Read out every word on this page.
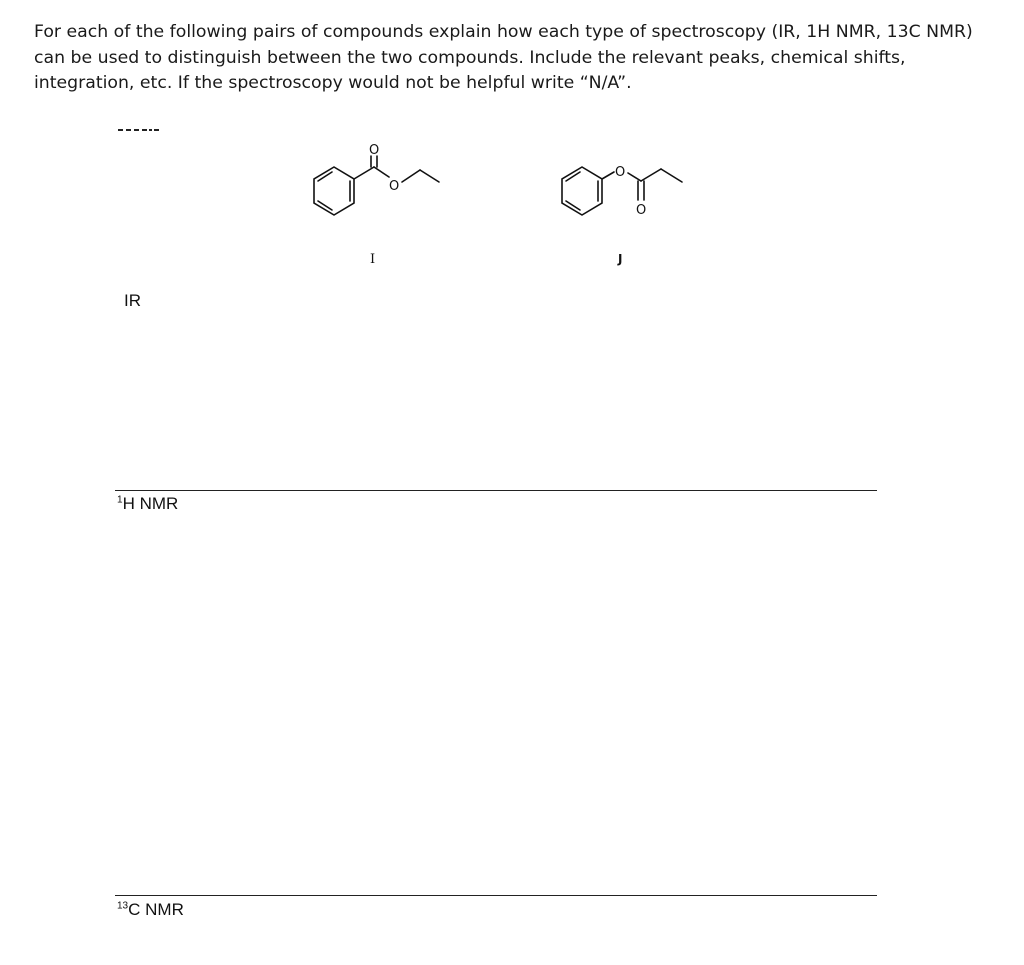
For each of the following pairs of compounds explain how each type of spectroscopy (IR, 1H NMR, 13C NMR) can be used to distinguish between the two compounds. Include the relevant peaks, chemical shifts, integration, etc. If the spectroscopy would not be helpful write “N/A”.

O
O
I
O
O
J
IR
$^1$H NMR
$^{13}$C NMR
